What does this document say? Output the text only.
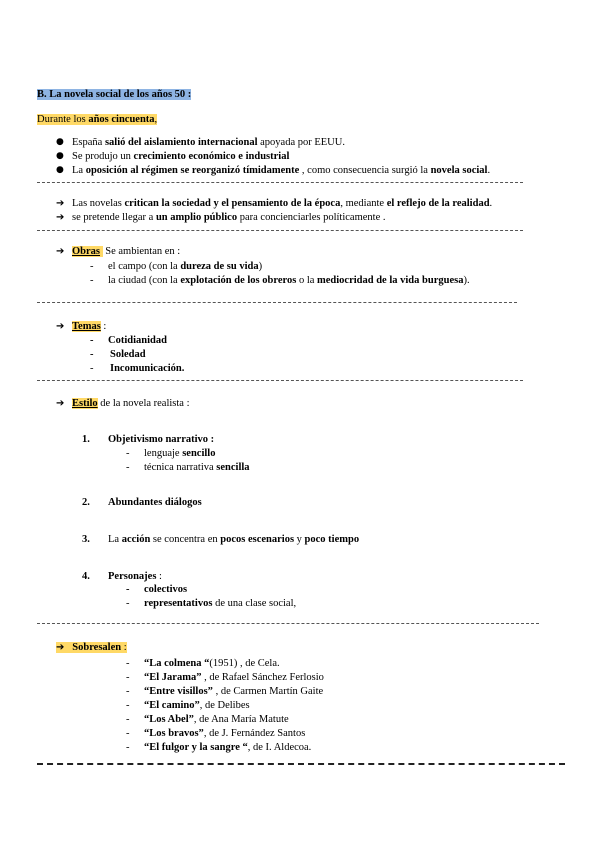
B. La novela social de los años 50 :
Durante los años cincuenta,
● España salió del aislamiento internacional apoyada por EEUU.
● Se produjo un crecimiento económico e industrial
● La oposición al régimen se reorganizó tímidamente , como consecuencia surgió la novela social.
➔ Las novelas critican la sociedad y el pensamiento de la época, mediante el reflejo de la realidad.
➔ se pretende llegar a un amplio público para concienciarles políticamente .
➔ Obras  Se ambientan en :
- el campo (con la dureza de su vida)
- la ciudad (con la explotación de los obreros o la mediocridad de la vida burguesa).
➔ Temas :
- Cotidianidad
- Soledad
- Incomunicación.
➔ Estilo de la novela realista :
1. Objetivismo narrativo :
- lenguaje sencillo
- técnica narrativa sencilla
2. Abundantes diálogos
3. La acción se concentra en pocos escenarios y poco tiempo
4. Personajes :
- colectivos
- representativos de una clase social,
➔ Sobresalen :
- “La colmena “(1951) , de Cela.
- “El Jarama” , de Rafael Sánchez Ferlosio
- “Entre visillos” , de Carmen Martín Gaite
- “El camino”, de Delibes
- “Los Abel”, de Ana María Matute
- “Los bravos”, de J. Fernández Santos
- “El fulgor y la sangre “, de I. Aldecoa.
